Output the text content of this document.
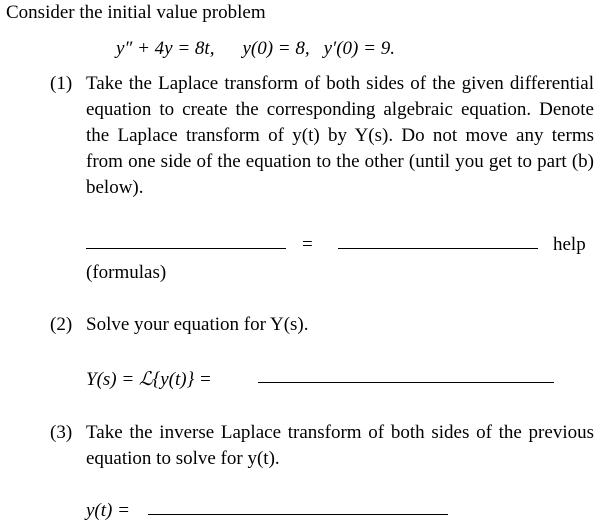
Consider the initial value problem
y″ + 4y = 8t, y(0) = 8, y′(0) = 9.
(1) Take the Laplace transform of both sides of the given differential equation to create the corresponding algebraic equation. Denote the Laplace transform of y(t) by Y(s). Do not move any terms from one side of the equation to the other (until you get to part (b) below).
=	help
(formulas)
(2) Solve your equation for Y(s).
Y(s) = ℒ{y(t)} =
(3) Take the inverse Laplace transform of both sides of the previous equation to solve for y(t).
y(t) =
